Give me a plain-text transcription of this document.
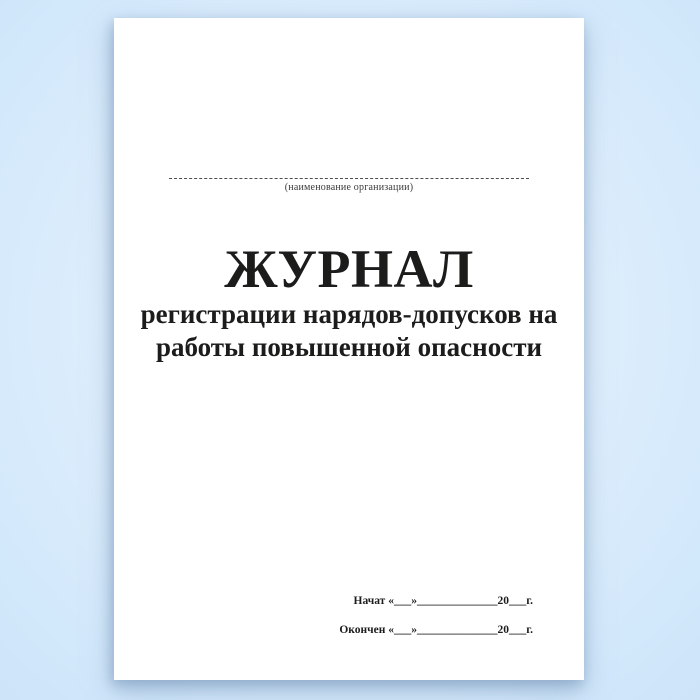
(наименование организации)
ЖУРНАЛ
регистрации нарядов-допусков на
работы повышенной опасности
Начат «___»______________20___г.
Окончен «___»______________20___г.
